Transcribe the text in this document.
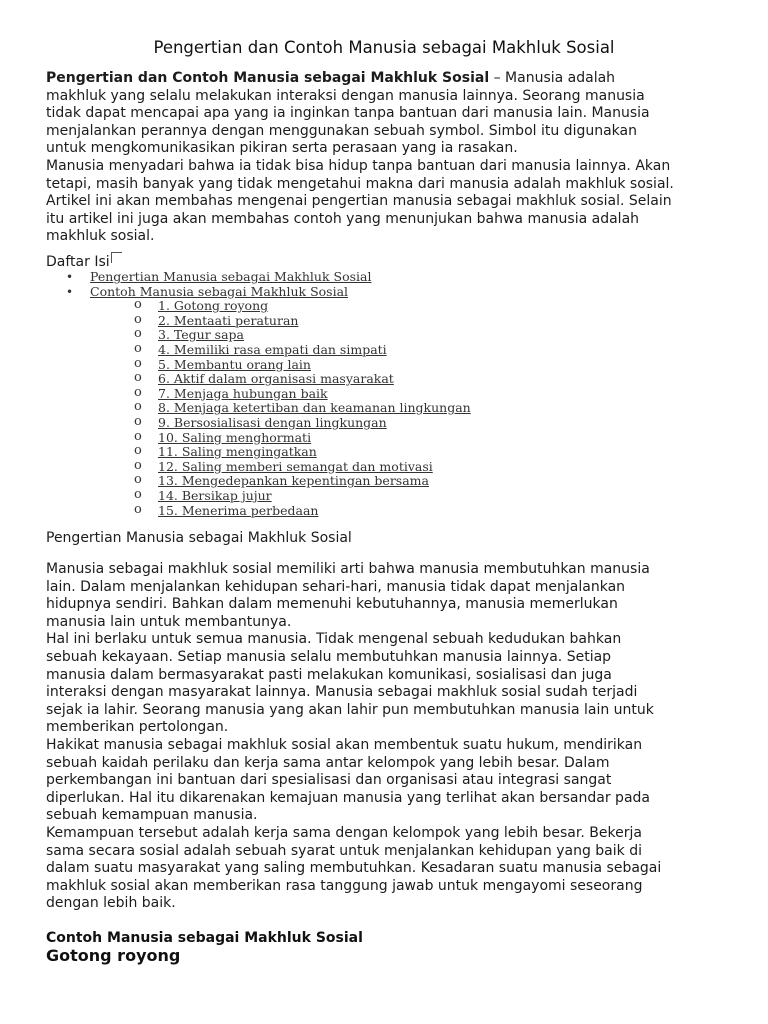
Pengertian dan Contoh Manusia sebagai Makhluk Sosial

Pengertian dan Contoh Manusia sebagai Makhluk Sosial – Manusia adalah

makhluk yang selalu melakukan interaksi dengan manusia lainnya. Seorang manusia

tidak dapat mencapai apa yang ia inginkan tanpa bantuan dari manusia lain. Manusia

menjalankan perannya dengan menggunakan sebuah symbol. Simbol itu digunakan

untuk mengkomunikasikan pikiran serta perasaan yang ia rasakan.

Manusia menyadari bahwa ia tidak bisa hidup tanpa bantuan dari manusia lainnya. Akan

tetapi, masih banyak yang tidak mengetahui makna dari manusia adalah makhluk sosial.

Artikel ini akan membahas mengenai pengertian manusia sebagai makhluk sosial. Selain

itu artikel ini juga akan membahas contoh yang menunjukan bahwa manusia adalah

makhluk sosial.

Daftar Isi
• Pengertian Manusia sebagai Makhluk Sosial
• Contoh Manusia sebagai Makhluk Sosial
o 1. Gotong royong
o 2. Mentaati peraturan
o 3. Tegur sapa
o 4. Memiliki rasa empati dan simpati
o 5. Membantu orang lain
o 6. Aktif dalam organisasi masyarakat
o 7. Menjaga hubungan baik
o 8. Menjaga ketertiban dan keamanan lingkungan
o 9. Bersosialisasi dengan lingkungan
o 10. Saling menghormati
o 11. Saling mengingatkan
o 12. Saling memberi semangat dan motivasi
o 13. Mengedepankan kepentingan bersama
o 14. Bersikap jujur
o 15. Menerima perbedaan
Pengertian Manusia sebagai Makhluk Sosial

Manusia sebagai makhluk sosial memiliki arti bahwa manusia membutuhkan manusia

lain. Dalam menjalankan kehidupan sehari-hari, manusia tidak dapat menjalankan

hidupnya sendiri. Bahkan dalam memenuhi kebutuhannya, manusia memerlukan

manusia lain untuk membantunya.

Hal ini berlaku untuk semua manusia. Tidak mengenal sebuah kedudukan bahkan

sebuah kekayaan. Setiap manusia selalu membutuhkan manusia lainnya. Setiap

manusia dalam bermasyarakat pasti melakukan komunikasi, sosialisasi dan juga

interaksi dengan masyarakat lainnya. Manusia sebagai makhluk sosial sudah terjadi

sejak ia lahir. Seorang manusia yang akan lahir pun membutuhkan manusia lain untuk

memberikan pertolongan.

Hakikat manusia sebagai makhluk sosial akan membentuk suatu hukum, mendirikan

sebuah kaidah perilaku dan kerja sama antar kelompok yang lebih besar. Dalam

perkembangan ini bantuan dari spesialisasi dan organisasi atau integrasi sangat

diperlukan. Hal itu dikarenakan kemajuan manusia yang terlihat akan bersandar pada

sebuah kemampuan manusia.

Kemampuan tersebut adalah kerja sama dengan kelompok yang lebih besar. Bekerja

sama secara sosial adalah sebuah syarat untuk menjalankan kehidupan yang baik di

dalam suatu masyarakat yang saling membutuhkan. Kesadaran suatu manusia sebagai

makhluk sosial akan memberikan rasa tanggung jawab untuk mengayomi seseorang

dengan lebih baik.

Contoh Manusia sebagai Makhluk Sosial
Gotong royong
